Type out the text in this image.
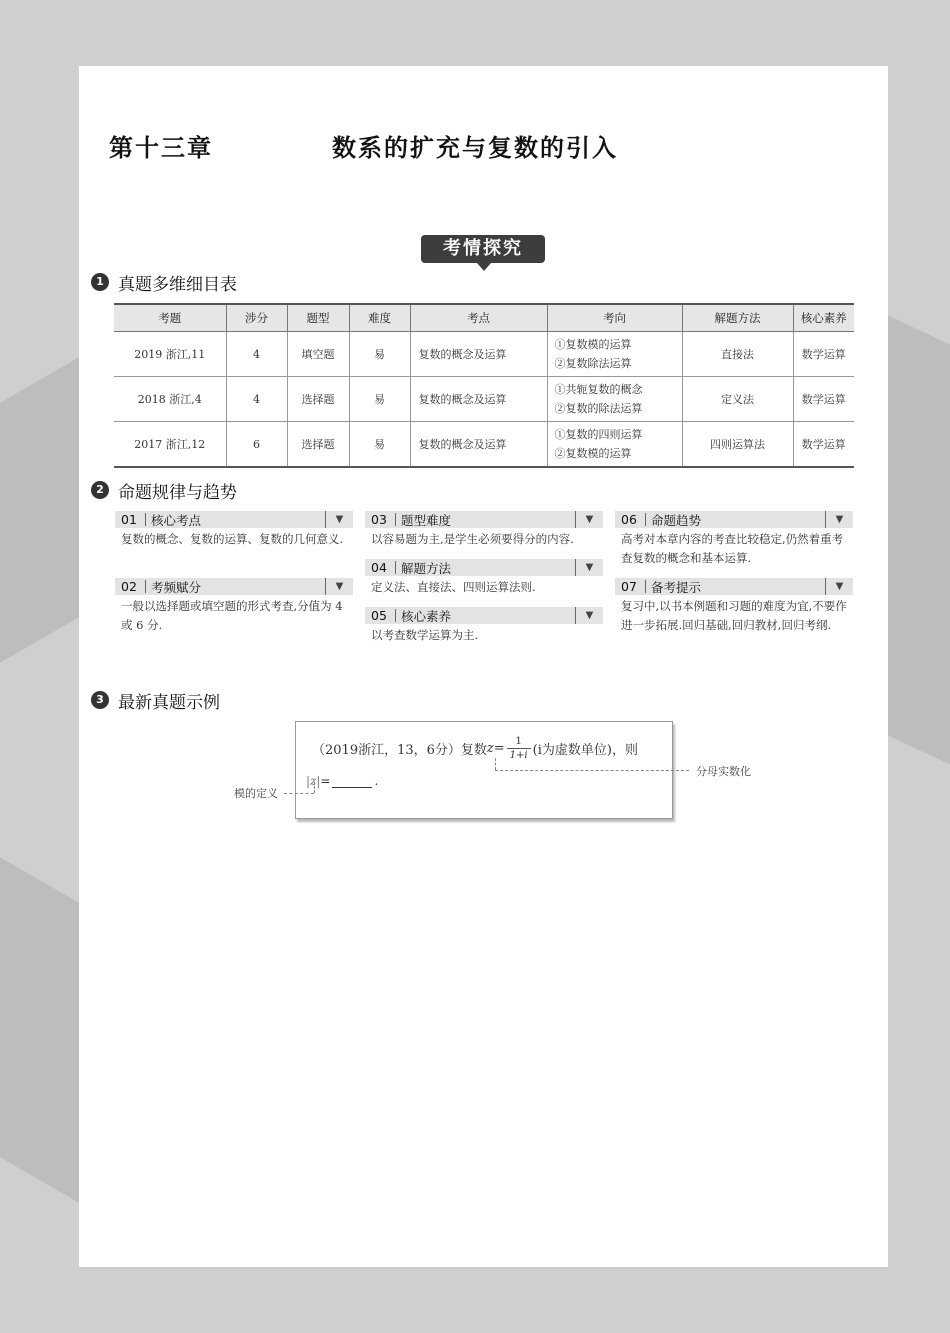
第十三章	数系的扩充与复数的引入
考情探究
1 真题多维细目表
考题	涉分	题型	难度	考点	考向	解题方法	核心素养
2019 浙江,11	4	填空题	易	复数的概念及运算	①复数模的运算
②复数除法运算	直接法	数学运算
2018 浙江,4	4	选择题	易	复数的概念及运算	①共轭复数的概念
②复数的除法运算	定义法	数学运算
2017 浙江,12	6	选择题	易	复数的概念及运算	①复数的四则运算
②复数模的运算	四则运算法	数学运算
2 命题规律与趋势
01	核心考点	▼
复数的概念、复数的运算、复数的几何意义.
02	考频赋分	▼
一般以选择题或填空题的形式考查,分值为 4 或 6 分.
03	题型难度	▼
以容易题为主,是学生必须要得分的内容.
04	解题方法	▼
定义法、直接法、四则运算法则.
05	核心素养	▼
以考查数学运算为主.
06	命题趋势	▼
高考对本章内容的考查比较稳定,仍然着重考查复数的概念和基本运算.
07	备考提示	▼
复习中,以书本例题和习题的难度为宜,不要作进一步拓展.回归基础,回归教材,回归考纲.
3 最新真题示例
（2019浙江，13，6分）复数 $z= \frac{1}{1+i} (i$为虚数单位)，则
|z| =	.
模的定义
分母实数化
